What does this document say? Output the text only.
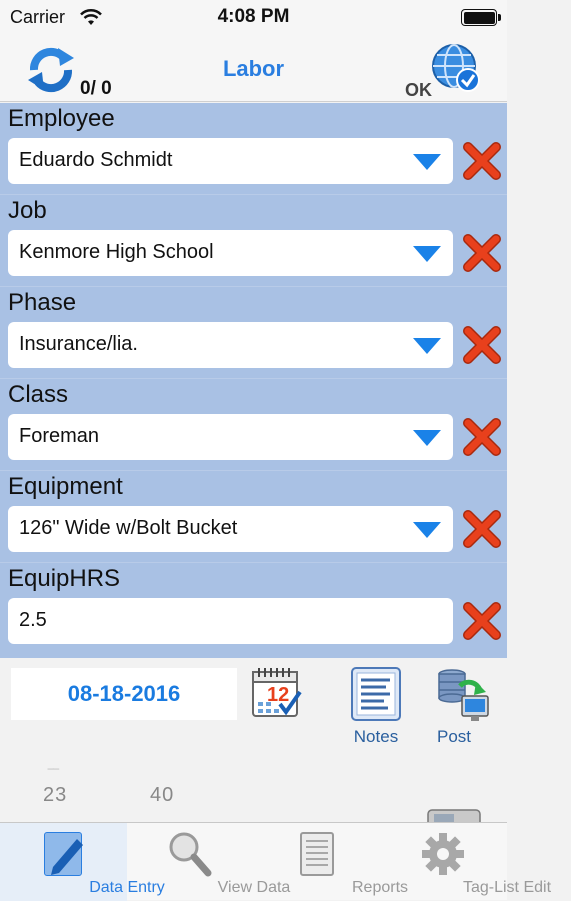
Carrier	4:08 PM
0/ 0
Labor
OK
Employee
Eduardo Schmidt
Job
Kenmore High School
Phase
Insurance/lia.
Class
Foreman
Equipment
126" Wide w/Bolt Bucket
EquipHRS
2.5
08-18-2016	12
Notes	Post
‾‾
23	40
Data Entry	View Data	Reports	Tag-List Edit
